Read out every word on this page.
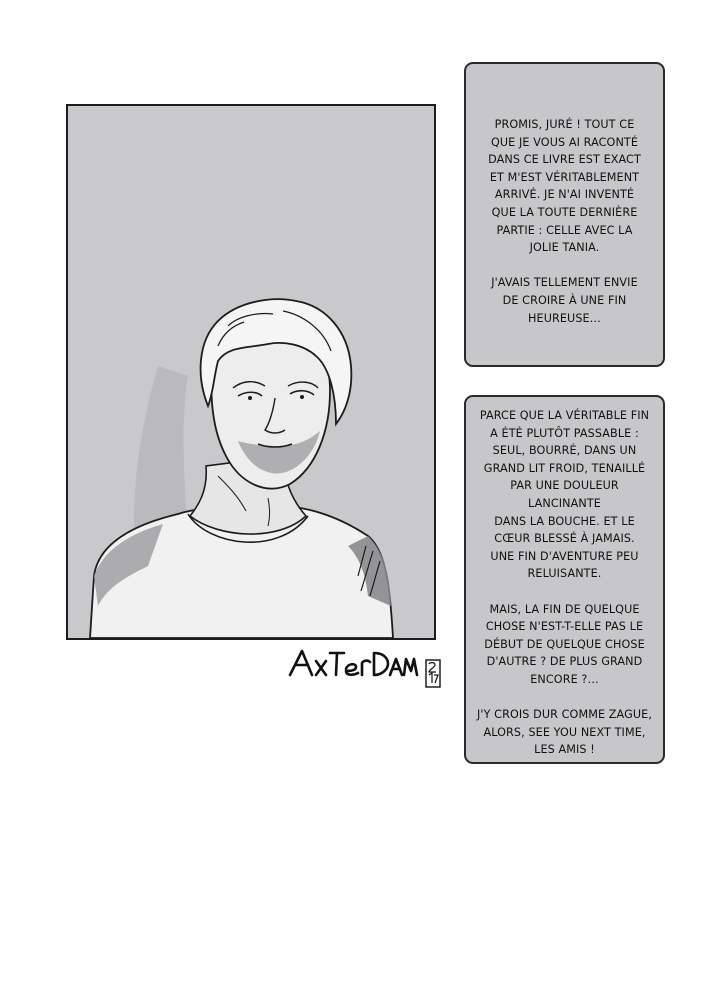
PROMIS, JURÉ ! TOUT CE
QUE JE VOUS AI RACONTÉ
DANS CE LIVRE EST EXACT
ET M'EST VÉRITABLEMENT
ARRIVÉ. JE N'AI INVENTÉ
QUE LA TOUTE DERNIÈRE
PARTIE : CELLE AVEC LA
JOLIE TANIA.

J'AVAIS TELLEMENT ENVIE
DE CROIRE À UNE FIN
HEUREUSE…

PARCE QUE LA VÉRITABLE FIN
A ÉTÉ PLUTÔT PASSABLE :
SEUL, BOURRÉ, DANS UN
GRAND LIT FROID, TENAILLÉ
PAR UNE DOULEUR LANCINANTE
DANS LA BOUCHE. ET LE
CŒUR BLESSÉ À JAMAIS.
UNE FIN D'AVENTURE PEU
RELUISANTE.

MAIS, LA FIN DE QUELQUE
CHOSE N'EST-T-ELLE PAS LE
DÉBUT DE QUELQUE CHOSE
D'AUTRE ? DE PLUS GRAND
ENCORE ?…

J'Y CROIS DUR COMME ZAGUE,
ALORS, SEE YOU NEXT TIME,
LES AMIS !
